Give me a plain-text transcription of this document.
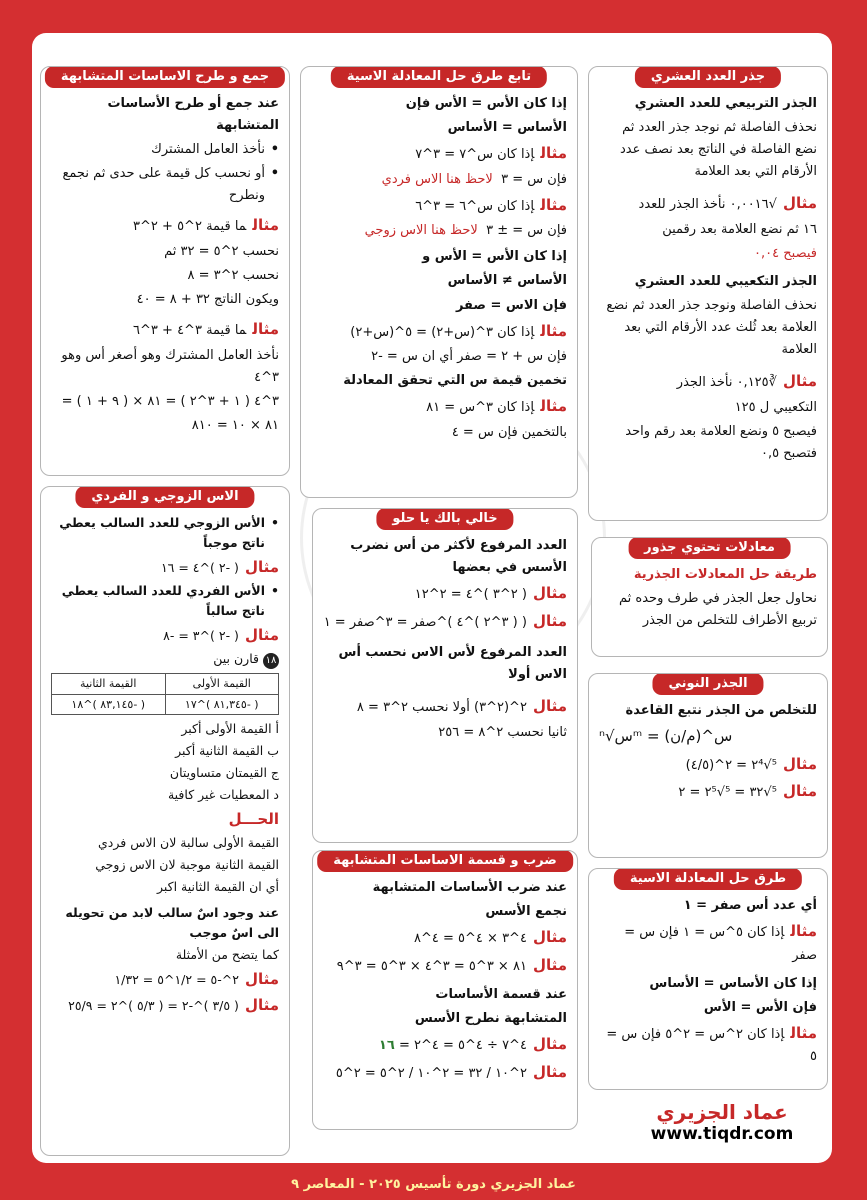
جذر العدد العشري
الجذر التربيعي للعدد العشري
نحذف الفاصلة ثم نوجد جذر العدد ثم نضع الفاصلة في الناتج بعد نصف عدد الأرقام التي بعد العلامة
مثال√٠,٠٠١٦ نأخذ الجذر للعدد
١٦ ثم نضع العلامة بعد رقمين
فيصبح ٠,٠٤
الجذر التكعيبي للعدد العشري
نحذف الفاصلة ونوجد جذر العدد ثم نضع العلامة بعد ثُلث عدد الأرقام التي بعد العلامة
مثال∛٠,١٢٥ نأخذ الجذر
التكعيبي ل ١٢٥
فيصبح ٥ ونضع العلامة بعد رقم واحد فتصبح ٠,٥
معادلات تحتوي جذور
طريقة حل المعادلات الجذرية
نحاول جعل الجذر في طرف وحده ثم تربيع الأطراف للتخلص من الجذر
الجذر النوني
للتخلص من الجذر نتبع القاعدة
ⁿ√سᵐ = س^(م/ن)
مثال⁵√٢⁴ = ٢^(٤/٥)
مثال⁵√٣٢ = ⁵√٢⁵ = ٢
طرق حل المعادلة الاسية
أي عدد أس صفر = ١
مثالإذا كان ٥^س = ١ فإن س = صفر
إذا كان الأساس = الأساس
فإن الأس = الأس
مثالإذا كان ٢^س = ٢^٥ فإن س = ٥
تابع طرق حل المعادلة الاسية
إذا كان الأس = الأس فإن
الأساس = الأساس
مثالإذا كان س^٧ = ٣^٧
فإن س = ٣  لاحظ هنا الاس فردي
مثالإذا كان س^٦ = ٣^٦
فإن س = ± ٣  لاحظ هنا الاس زوجي
إذا كان الأس = الأس و
الأساس ≠ الأساس
فإن الاس = صفر
مثالإذا كان ٣^(س+٢) = ٥^(س+٢)
فإن س + ٢ = صفر أي ان س = -٢
تخمين قيمة س التي تحقق المعادلة
مثالإذا كان ٣^س = ٨١
بالتخمين فإن س = ٤
خالي بالك يا حلو
العدد المرفوع لأكثر من أس نضرب الأسس في بعضها
مثال( ٢^٣ )^٤ = ٢^١٢
مثال( ( ٣^٢ )^٤ )^صفر = ٣^صفر = ١
العدد المرفوع لأس الاس نحسب أس الاس أولا
مثال٢^(٢^٣) أولا نحسب ٢^٣ = ٨
ثانيا نحسب ٢^٨ = ٢٥٦
ضرب و قسمة الاساسات المتشابهة
عند ضرب الأساسات المتشابهة
نجمع الأسس
مثال٤^٣ × ٤^٥ = ٤^٨
مثال٨١ × ٣^٥ = ٣^٤ × ٣^٥ = ٣^٩
عند قسمة الأساسات
المتشابهة نطرح الأسس
مثال٤^٧ ÷ ٤^٥ = ٤^٢ = ١٦
مثال٢^١٠ / ٣٢ = ٢^١٠ / ٢^٥ = ٢^٥
جمع و طرح الاساسات المتشابهة
عند جمع أو طرح الأساسات المتشابهة
• نأخذ العامل المشترك
• أو نحسب كل قيمة على حدى ثم نجمع ونطرح
مثالما قيمة ٢^٥ + ٢^٣
نحسب ٢^٥ = ٣٢ ثم
نحسب ٢^٣ = ٨
ويكون الناتج ٣٢ + ٨ = ٤٠
مثالما قيمة ٣^٤ + ٣^٦
نأخذ العامل المشترك وهو أصغر أس وهو ٣^٤
٣^٤ ( ١ + ٣^٢ ) = ٨١ × ( ٩ + ١ ) =
٨١ × ١٠ = ٨١٠
الاس الزوجي و الفردي
• الأس الزوجي للعدد السالب يعطي ناتج موجباً
مثال( -٢ )^٤ = ١٦
• الأس الفردي للعدد السالب يعطي ناتج سالباً
مثال( -٢ )^٣ = -٨
١٨قارن بين
القيمة الأولى	القيمة الثانية
( -٨١,٣٤٥ )^١٧	( -٨٣,١٤٥ )^١٨
أ القيمة الأولى أكبر
ب القيمة الثانية أكبر
ج القيمتان متساويتان
د المعطيات غير كافية
الحـــل
القيمة الأولى سالبة لان الاس فردي
القيمة الثانية موجبة لان الاس زوجي
أي ان القيمة الثانية اكبر
عند وجود اسٌ سالب لابد من تحويله الى اسٌ موجب
كما يتضح من الأمثلة
مثال٢^-٥ = ١/٢^٥ = ١/٣٢
مثال( ٣/٥ )^-٢ = ( ٥/٣ )^٢ = ٢٥/٩
عماد الجزيري
www.tiqdr.com
عماد الجزيري دورة تأسيس ٢٠٢٥ - المعاصر ٩
